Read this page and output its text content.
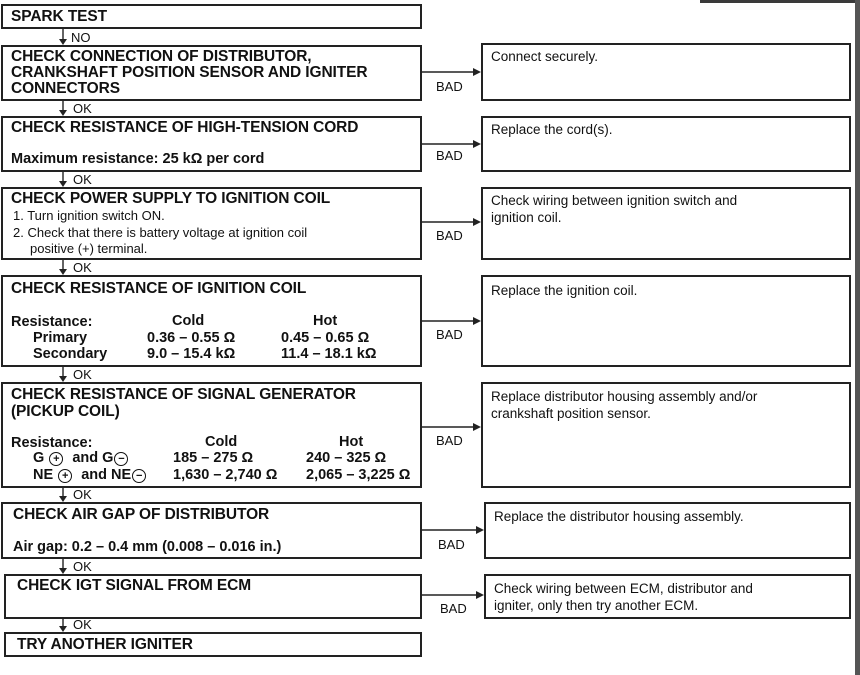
SPARK TEST
CHECK CONNECTION OF DISTRIBUTOR,
CRANKSHAFT POSITION SENSOR AND IGNITER
CONNECTORS
Connect securely.
CHECK RESISTANCE OF HIGH-TENSION CORD
Maximum resistance: 25 kΩ per cord
Replace the cord(s).
CHECK POWER SUPPLY TO IGNITION COIL
1. Turn ignition switch ON.
2. Check that there is battery voltage at ignition coil
positive (+) terminal.
Check wiring between ignition switch and
ignition coil.
CHECK RESISTANCE OF IGNITION COIL
Resistance:	Cold	Hot
Primary	0.36 – 0.55 Ω	0.45 – 0.65 Ω
Secondary	9.0 – 15.4 kΩ	11.4 – 18.1 kΩ
Replace the ignition coil.
CHECK RESISTANCE OF SIGNAL GENERATOR
(PICKUP COIL)
Resistance:	Cold	Hot
G + and G −	185 – 275 Ω	240 – 325 Ω
NE + and NE −	1,630 – 2,740 Ω 2,065 – 3,225 Ω
Replace distributor housing assembly and/or
crankshaft position sensor.
CHECK AIR GAP OF DISTRIBUTOR
Air gap: 0.2 – 0.4 mm (0.008 – 0.016 in.)
Replace the distributor housing assembly.
CHECK IGT SIGNAL FROM ECM	Check wiring between ECM, distributor and
igniter, only then try another ECM.
TRY ANOTHER IGNITER
NO
OK
OK
OK
OK
OK
OK
OK
BAD
BAD
BAD
BAD
BAD
BAD
BAD
